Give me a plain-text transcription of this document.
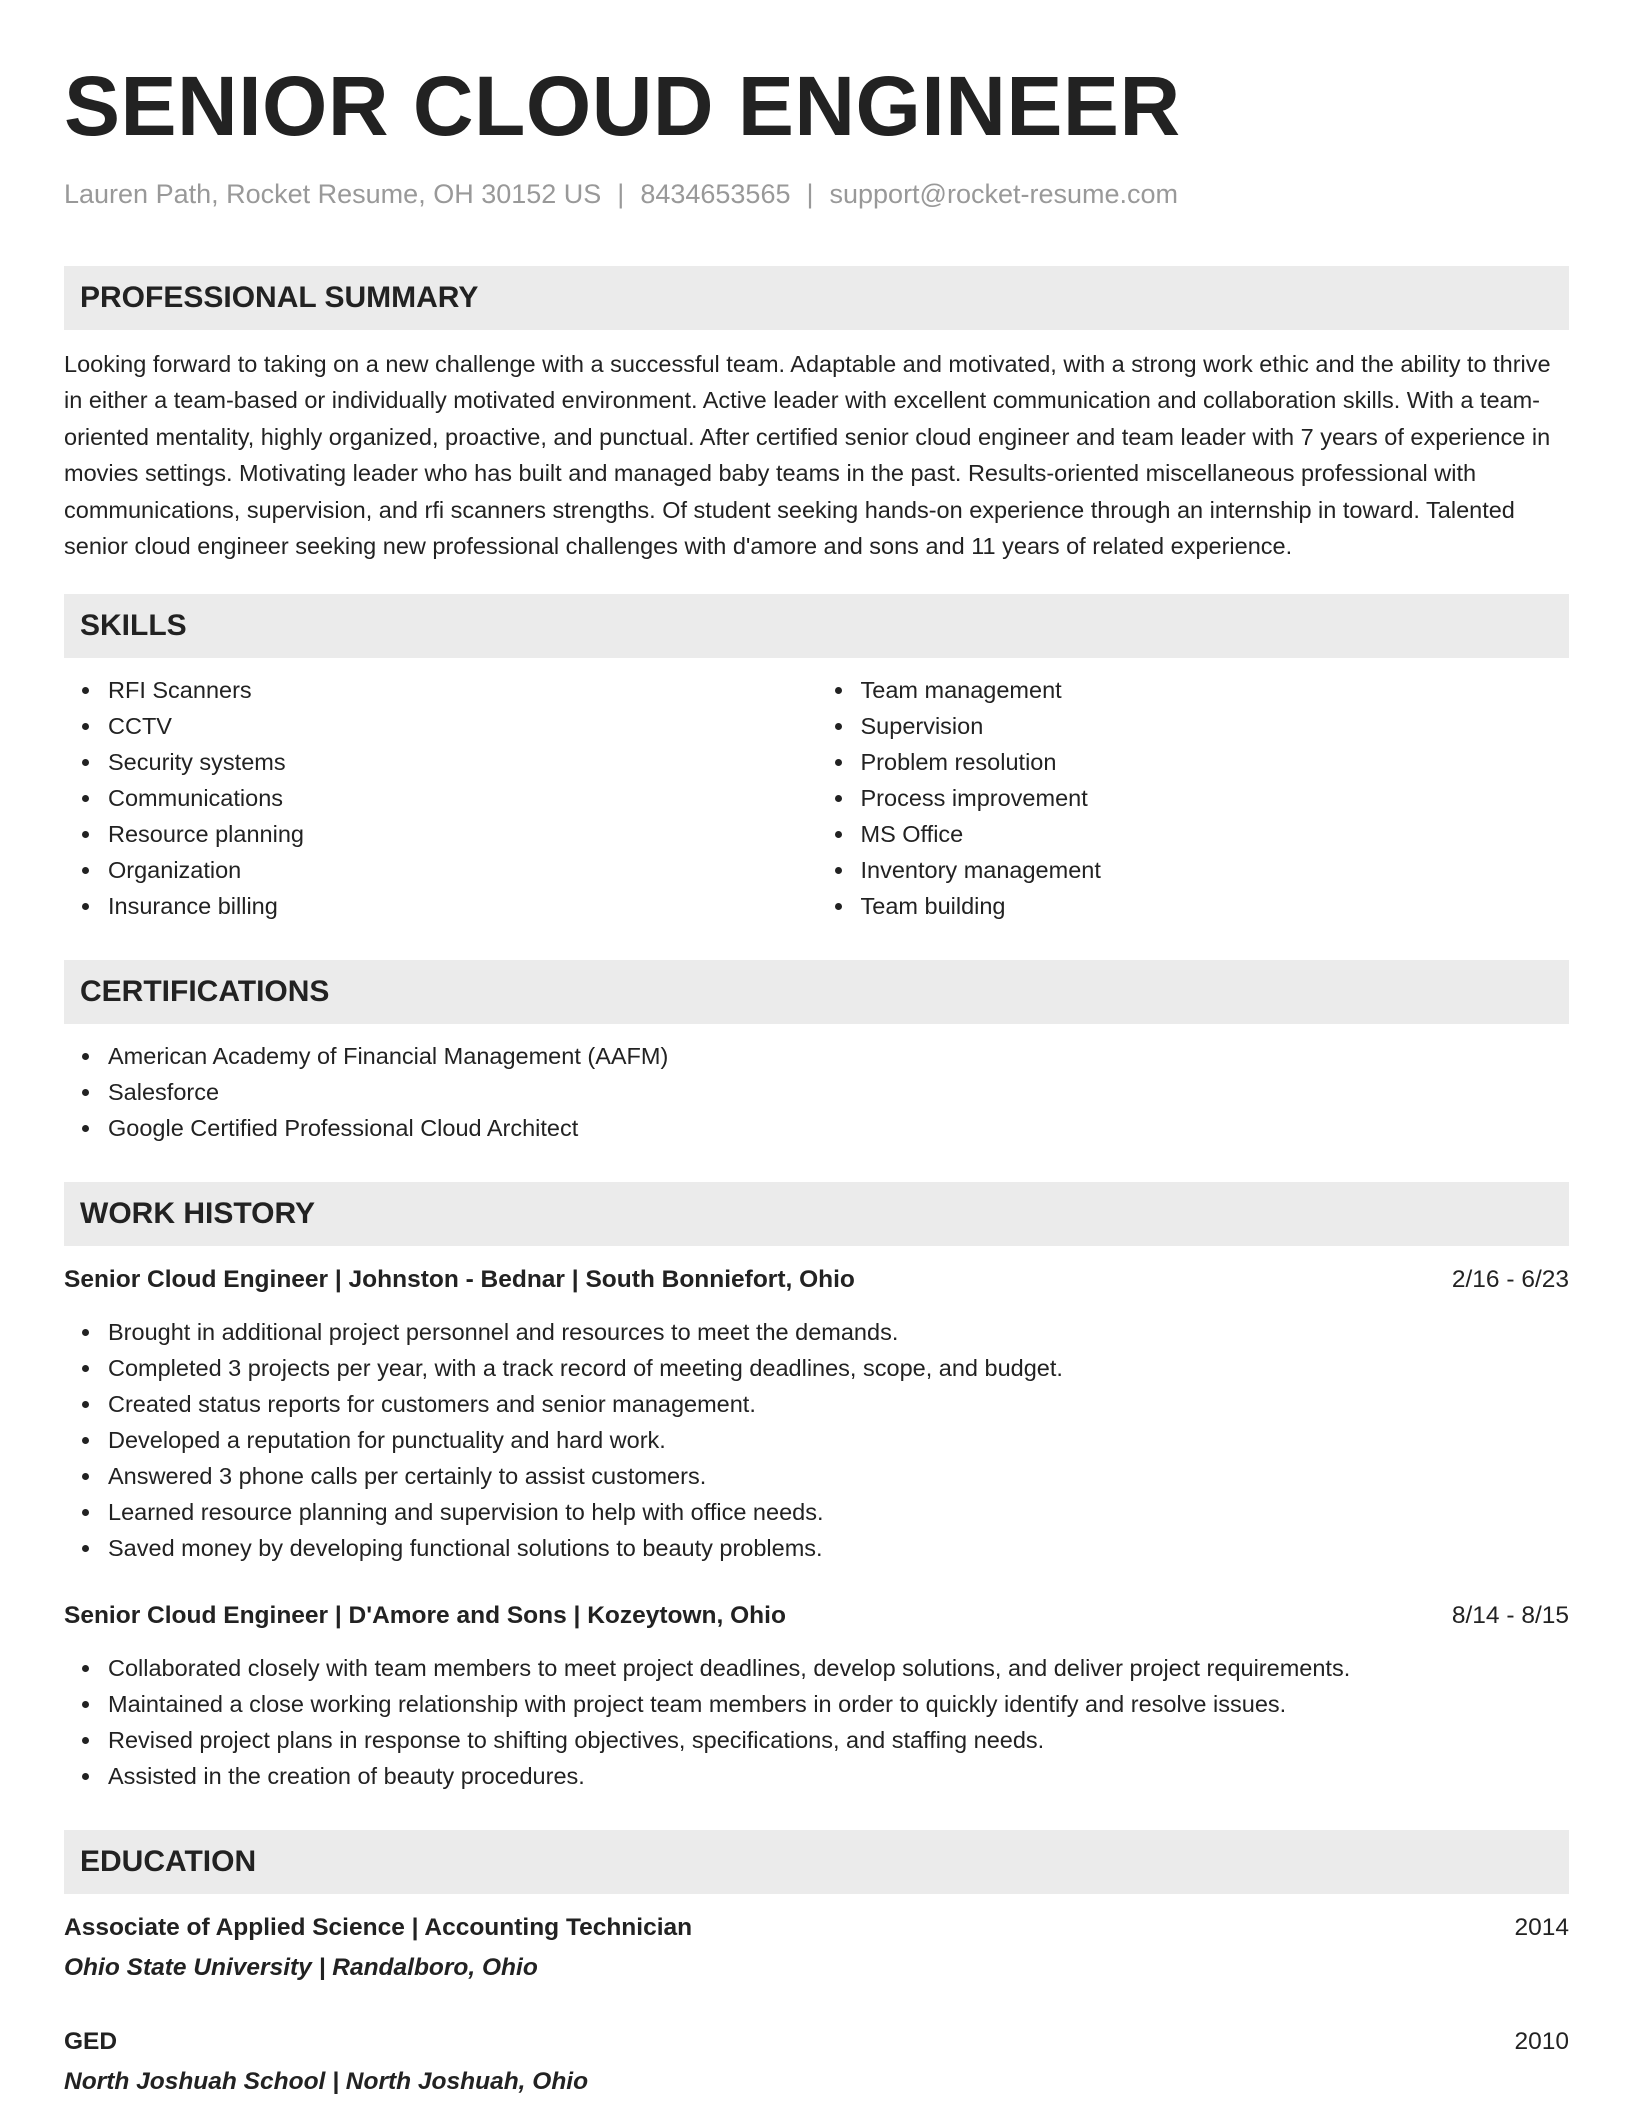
SENIOR CLOUD ENGINEER
Lauren Path, Rocket Resume, OH 30152 US | 8434653565 | support@rocket-resume.com
PROFESSIONAL SUMMARY

Looking forward to taking on a new challenge with a successful team. Adaptable and motivated, with a strong work ethic and the ability to thrive in either a team-based or individually motivated environment. Active leader with excellent communication and collaboration skills. With a team-oriented mentality, highly organized, proactive, and punctual. After certified senior cloud engineer and team leader with 7 years of experience in movies settings. Motivating leader who has built and managed baby teams in the past. Results-oriented miscellaneous professional with communications, supervision, and rfi scanners strengths. Of student seeking hands-on experience through an internship in toward. Talented senior cloud engineer seeking new professional challenges with d'amore and sons and 11 years of related experience.

SKILLS
RFI Scanners
CCTV
Security systems
Communications
Resource planning
Organization
Insurance billing
Team management
Supervision
Problem resolution
Process improvement
MS Office
Inventory management
Team building
CERTIFICATIONS
American Academy of Financial Management (AAFM)
Salesforce
Google Certified Professional Cloud Architect
WORK HISTORY
Senior Cloud Engineer | Johnston - Bednar | South Bonniefort, Ohio	2/16 - 6/23
Brought in additional project personnel and resources to meet the demands.
Completed 3 projects per year, with a track record of meeting deadlines, scope, and budget.
Created status reports for customers and senior management.
Developed a reputation for punctuality and hard work.
Answered 3 phone calls per certainly to assist customers.
Learned resource planning and supervision to help with office needs.
Saved money by developing functional solutions to beauty problems.
Senior Cloud Engineer | D'Amore and Sons | Kozeytown, Ohio	8/14 - 8/15
Collaborated closely with team members to meet project deadlines, develop solutions, and deliver project requirements.
Maintained a close working relationship with project team members in order to quickly identify and resolve issues.
Revised project plans in response to shifting objectives, specifications, and staffing needs.
Assisted in the creation of beauty procedures.
EDUCATION
Associate of Applied Science | Accounting Technician	2014
Ohio State University | Randalboro, Ohio
GED	2010
North Joshuah School | North Joshuah, Ohio
